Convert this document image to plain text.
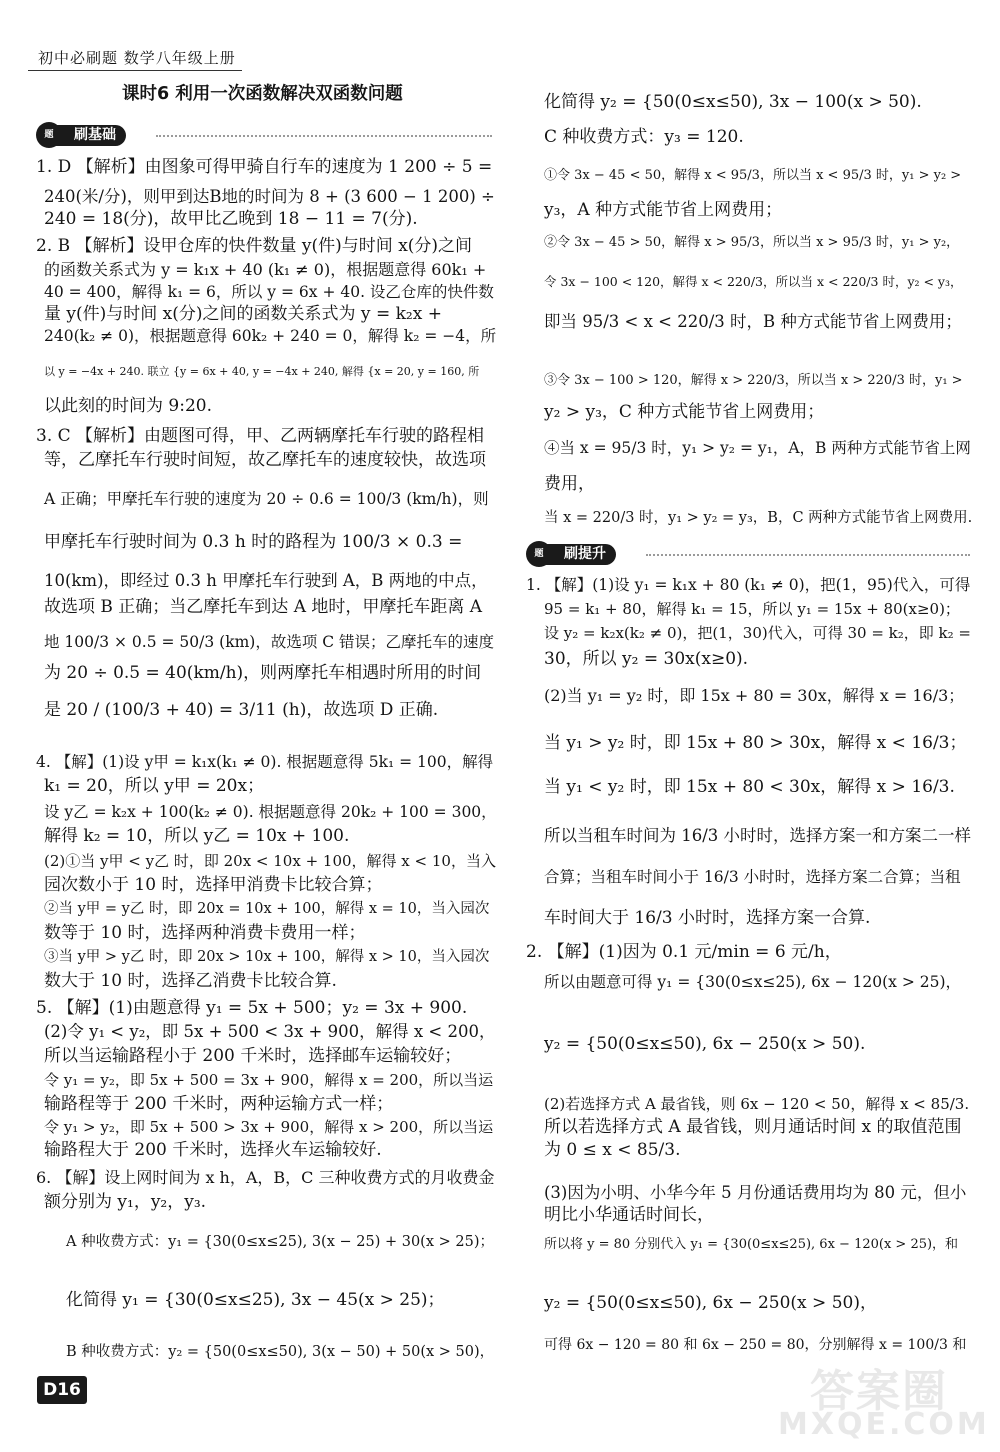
初中必刷题 数学八年级上册
课时6 利用一次函数解决双函数问题
刷基础
题
刷提升
题
1. D 【解析】由图象可得甲骑自行车的速度为 1 200 ÷ 5 =
240(米/分)，则甲到达B地的时间为 8 + (3 600 − 1 200) ÷
240 = 18(分)，故甲比乙晚到 18 − 11 = 7(分).
2. B 【解析】设甲仓库的快件数量 y(件)与时间 x(分)之间
的函数关系式为 y = k₁x + 40 (k₁ ≠ 0)，根据题意得 60k₁ +
40 = 400，解得 k₁ = 6，所以 y = 6x + 40. 设乙仓库的快件数
量 y(件)与时间 x(分)之间的函数关系式为 y = k₂x +
240(k₂ ≠ 0)，根据题意得 60k₂ + 240 = 0，解得 k₂ = −4，所
以 y = −4x + 240. 联立 {y = 6x + 40, y = −4x + 240, 解得 {x = 20, y = 160, 所
以此刻的时间为 9:20.
3. C 【解析】由题图可得，甲、乙两辆摩托车行驶的路程相
等，乙摩托车行驶时间短，故乙摩托车的速度较快，故选项
A 正确；甲摩托车行驶的速度为 20 ÷ 0.6 = 100/3 (km/h)，则
甲摩托车行驶时间为 0.3 h 时的路程为 100/3 × 0.3 =
10(km)，即经过 0.3 h 甲摩托车行驶到 A，B 两地的中点，
故选项 B 正确；当乙摩托车到达 A 地时，甲摩托车距离 A
地 100/3 × 0.5 = 50/3 (km)，故选项 C 错误；乙摩托车的速度
为 20 ÷ 0.5 = 40(km/h)，则两摩托车相遇时所用的时间
是 20 / (100/3 + 40) = 3/11 (h)，故选项 D 正确.
4. 【解】(1)设 y甲 = k₁x(k₁ ≠ 0). 根据题意得 5k₁ = 100，解得
k₁ = 20，所以 y甲 = 20x；
设 y乙 = k₂x + 100(k₂ ≠ 0). 根据题意得 20k₂ + 100 = 300，
解得 k₂ = 10，所以 y乙 = 10x + 100.
(2)①当 y甲 < y乙 时，即 20x < 10x + 100，解得 x < 10，当入
园次数小于 10 时，选择甲消费卡比较合算；
②当 y甲 = y乙 时，即 20x = 10x + 100，解得 x = 10，当入园次
数等于 10 时，选择两种消费卡费用一样；
③当 y甲 > y乙 时，即 20x > 10x + 100，解得 x > 10，当入园次
数大于 10 时，选择乙消费卡比较合算.
5. 【解】(1)由题意得 y₁ = 5x + 500；y₂ = 3x + 900.
(2)令 y₁ < y₂，即 5x + 500 < 3x + 900，解得 x < 200，
所以当运输路程小于 200 千米时，选择邮车运输较好；
令 y₁ = y₂，即 5x + 500 = 3x + 900，解得 x = 200，所以当运
输路程等于 200 千米时，两种运输方式一样；
令 y₁ > y₂，即 5x + 500 > 3x + 900，解得 x > 200，所以当运
输路程大于 200 千米时，选择火车运输较好.
6. 【解】设上网时间为 x h，A，B，C 三种收费方式的月收费金
额分别为 y₁，y₂，y₃.
A 种收费方式：y₁ = {30(0≤x≤25), 3(x − 25) + 30(x > 25)；
化简得 y₁ = {30(0≤x≤25), 3x − 45(x > 25)；
B 种收费方式：y₂ = {50(0≤x≤50), 3(x − 50) + 50(x > 50)，
化简得 y₂ = {50(0≤x≤50), 3x − 100(x > 50).
C 种收费方式：y₃ = 120.
①令 3x − 45 < 50，解得 x < 95/3，所以当 x < 95/3 时，y₁ > y₂ >
y₃，A 种方式能节省上网费用；
②令 3x − 45 > 50，解得 x > 95/3，所以当 x > 95/3 时，y₁ > y₂，
令 3x − 100 < 120，解得 x < 220/3，所以当 x < 220/3 时，y₂ < y₃，
即当 95/3 < x < 220/3 时，B 种方式能节省上网费用；
③令 3x − 100 > 120，解得 x > 220/3，所以当 x > 220/3 时，y₁ >
y₂ > y₃，C 种方式能节省上网费用；
④当 x = 95/3 时，y₁ > y₂ = y₁，A，B 两种方式能节省上网
费用，
当 x = 220/3 时，y₁ > y₂ = y₃，B，C 两种方式能节省上网费用.
1. 【解】(1)设 y₁ = k₁x + 80 (k₁ ≠ 0)，把(1，95)代入，可得
95 = k₁ + 80，解得 k₁ = 15，所以 y₁ = 15x + 80(x≥0)；
设 y₂ = k₂x(k₂ ≠ 0)，把(1，30)代入，可得 30 = k₂，即 k₂ =
30，所以 y₂ = 30x(x≥0).
(2)当 y₁ = y₂ 时，即 15x + 80 = 30x，解得 x = 16/3；
当 y₁ > y₂ 时，即 15x + 80 > 30x，解得 x < 16/3；
当 y₁ < y₂ 时，即 15x + 80 < 30x，解得 x > 16/3.
所以当租车时间为 16/3 小时时，选择方案一和方案二一样
合算；当租车时间小于 16/3 小时时，选择方案二合算；当租
车时间大于 16/3 小时时，选择方案一合算.
2. 【解】(1)因为 0.1 元/min = 6 元/h，
所以由题意可得 y₁ = {30(0≤x≤25), 6x − 120(x > 25)，
y₂ = {50(0≤x≤50), 6x − 250(x > 50).
(2)若选择方式 A 最省钱，则 6x − 120 < 50，解得 x < 85/3.
所以若选择方式 A 最省钱，则月通话时间 x 的取值范围
为 0 ≤ x < 85/3.
(3)因为小明、小华今年 5 月份通话费用均为 80 元，但小
明比小华通话时间长，
所以将 y = 80 分别代入 y₁ = {30(0≤x≤25), 6x − 120(x > 25)，和
y₂ = {50(0≤x≤50), 6x − 250(x > 50)，
可得 6x − 120 = 80 和 6x − 250 = 80，分别解得 x = 100/3 和
D16	答案圈
MXQE.COM
